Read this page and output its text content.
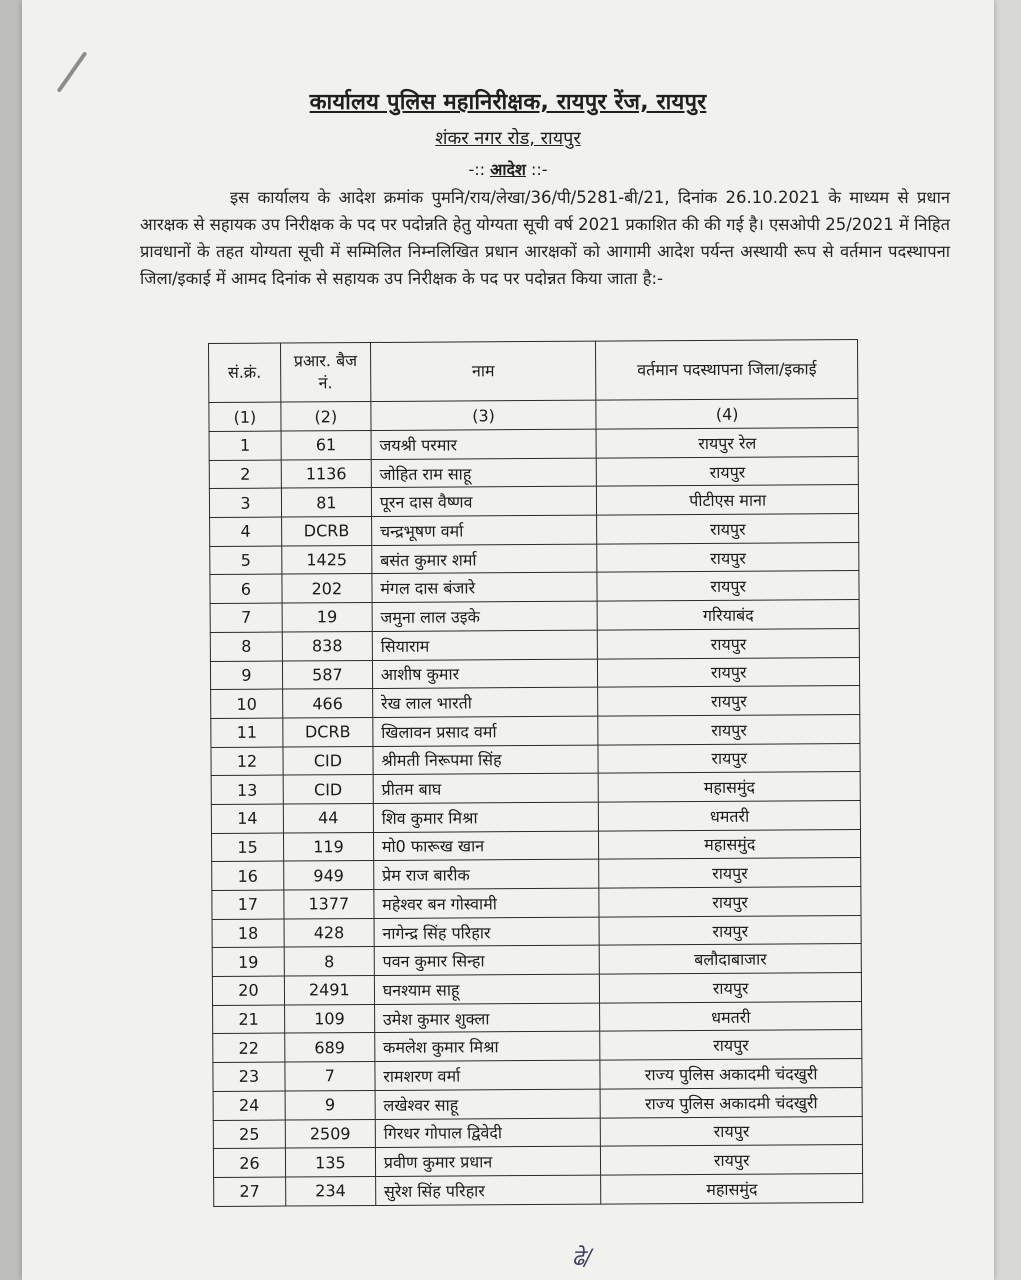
कार्यालय पुलिस महानिरीक्षक, रायपुर रेंज, रायपुर
शंकर नगर रोड, रायपुर
-:: आदेश ::-

इस कार्यालय के आदेश क्रमांक पुमनि/राय/लेखा/36/पी/5281-बी/21, दिनांक 26.10.2021 के माध्यम से प्रधान आरक्षक से सहायक उप निरीक्षक के पद पर पदोन्नति हेतु योग्यता सूची वर्ष 2021 प्रकाशित की की गई है। एसओपी 25/2021 में निहित प्रावधानों के तहत योग्यता सूची में सम्मिलित निम्नलिखित प्रधान आरक्षकों को आगामी आदेश पर्यन्त अस्थायी रूप से वर्तमान पदस्थापना जिला/इकाई में आमद दिनांक से सहायक उप निरीक्षक के पद पर पदोन्नत किया जाता है:-

सं.क्रं.	प्रआर. बैज नं.	नाम	वर्तमान पदस्थापना जिला/इकाई
(1)	(2)	(3)	(4)
1	61	जयश्री परमार	रायपुर रेल
2	1136	जोहित राम साहू	रायपुर
3	81	पूरन दास वैष्णव	पीटीएस माना
4	DCRB	चन्द्रभूषण वर्मा	रायपुर
5	1425	बसंत कुमार शर्मा	रायपुर
6	202	मंगल दास बंजारे	रायपुर
7	19	जमुना लाल उइके	गरियाबंद
8	838	सियाराम	रायपुर
9	587	आशीष कुमार	रायपुर
10	466	रेख लाल भारती	रायपुर
11	DCRB	खिलावन प्रसाद वर्मा	रायपुर
12	CID	श्रीमती निरूपमा सिंह	रायपुर
13	CID	प्रीतम बाघ	महासमुंद
14	44	शिव कुमार मिश्रा	धमतरी
15	119	मो0 फारूख खान	महासमुंद
16	949	प्रेम राज बारीक	रायपुर
17	1377	महेश्वर बन गोस्वामी	रायपुर
18	428	नागेन्द्र सिंह परिहार	रायपुर
19	8	पवन कुमार सिन्हा	बलौदाबाजार
20	2491	घनश्याम साहू	रायपुर
21	109	उमेश कुमार शुक्ला	धमतरी
22	689	कमलेश कुमार मिश्रा	रायपुर
23	7	रामशरण वर्मा	राज्य पुलिस अकादमी चंदखुरी
24	9	लखेश्वर साहू	राज्य पुलिस अकादमी चंदखुरी
25	2509	गिरधर गोपाल द्विवेदी	रायपुर
26	135	प्रवीण कुमार प्रधान	रायपुर
27	234	सुरेश सिंह परिहार	महासमुंद
ढे/
